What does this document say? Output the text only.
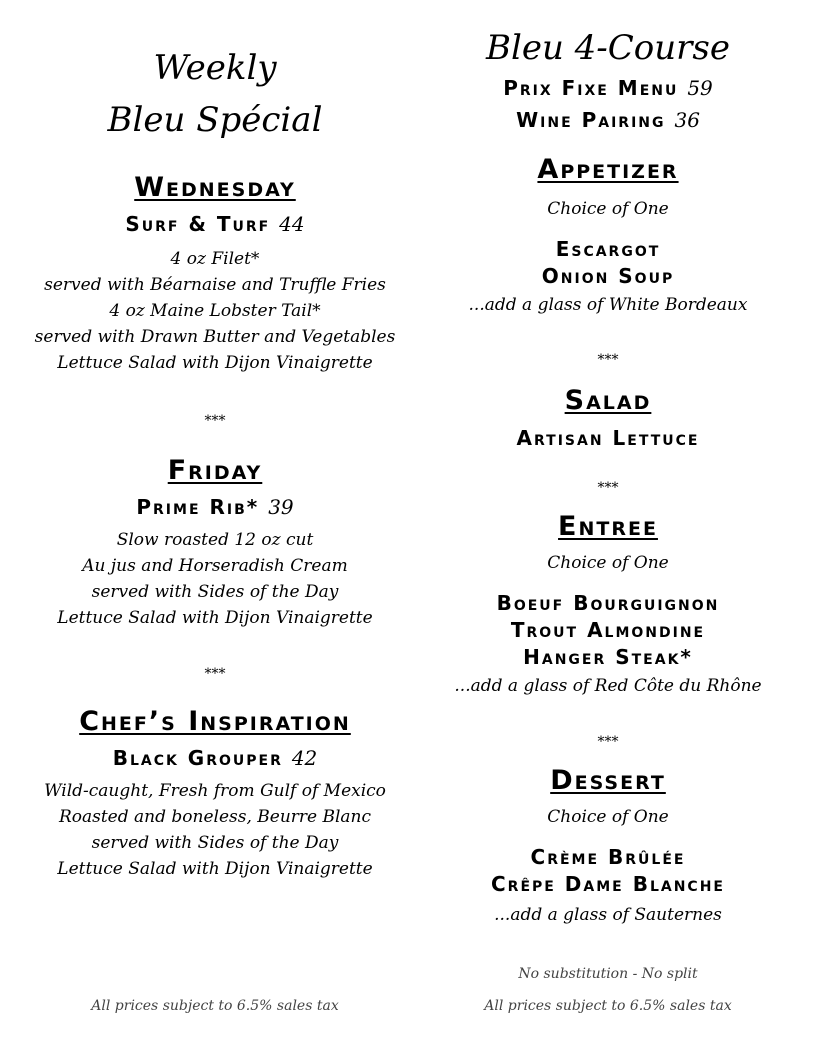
Weekly
Bleu Spécial
Wednesday
Surf & Turf 44
4 oz Filet*
served with Béarnaise and Truffle Fries
4 oz Maine Lobster Tail*
served with Drawn Butter and Vegetables
Lettuce Salad with Dijon Vinaigrette
***
Friday
Prime Rib* 39
Slow roasted 12 oz cut
Au jus and Horseradish Cream
served with Sides of the Day
Lettuce Salad with Dijon Vinaigrette
***
Chef’s Inspiration
Black Grouper 42
Wild-caught, Fresh from Gulf of Mexico
Roasted and boneless, Beurre Blanc
served with Sides of the Day
Lettuce Salad with Dijon Vinaigrette
All prices subject to 6.5% sales tax
Bleu 4-Course
Prix Fixe Menu 59
Wine Pairing 36
Appetizer
Choice of One
Escargot
Onion Soup
...add a glass of White Bordeaux
***
Salad
Artisan Lettuce
***
Entree
Choice of One
Boeuf Bourguignon
Trout Almondine
Hanger Steak*
...add a glass of Red Côte du Rhône
***
Dessert
Choice of One
Crème Brûlée
Crêpe Dame Blanche
...add a glass of Sauternes
No substitution - No split
All prices subject to 6.5% sales tax
